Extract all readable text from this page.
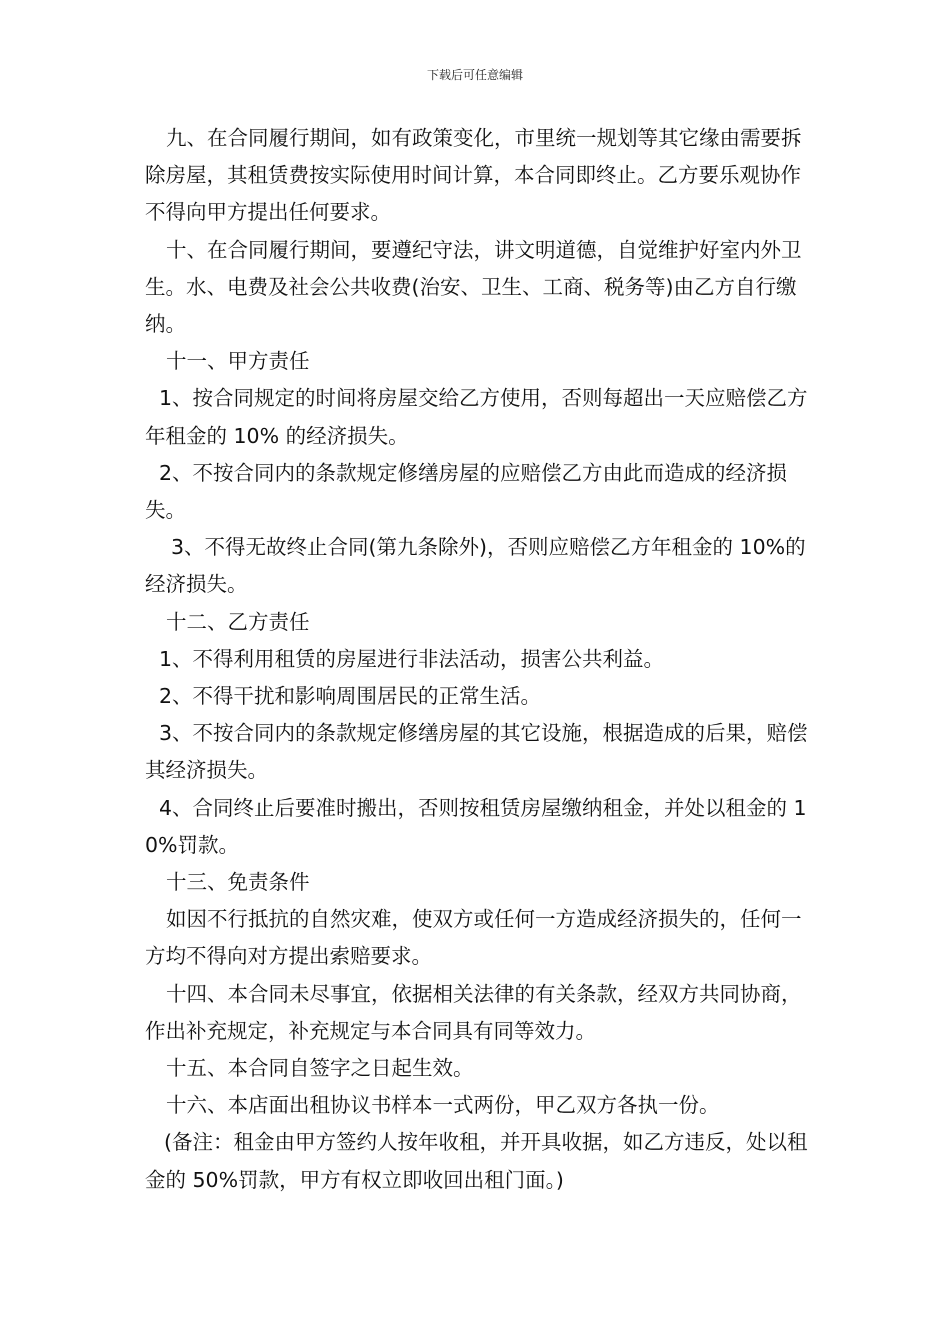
下载后可任意编辑

九、在合同履行期间，如有政策变化，市里统一规划等其它缘由需要拆除房屋，其租赁费按实际使用时间计算，本合同即终止。乙方要乐观协作不得向甲方提出任何要求。

十、在合同履行期间，要遵纪守法，讲文明道德，自觉维护好室内外卫生。水、电费及社会公共收费(治安、卫生、工商、税务等)由乙方自行缴纳。

十一、甲方责任

1、按合同规定的时间将房屋交给乙方使用，否则每超出一天应赔偿乙方年租金的 10% 的经济损失。

2、不按合同内的条款规定修缮房屋的应赔偿乙方由此而造成的经济损失。

3、不得无故终止合同(第九条除外)，否则应赔偿乙方年租金的 10%的经济损失。

十二、乙方责任

1、不得利用租赁的房屋进行非法活动，损害公共利益。

2、不得干扰和影响周围居民的正常生活。

3、不按合同内的条款规定修缮房屋的其它设施，根据造成的后果，赔偿其经济损失。

4、合同终止后要准时搬出，否则按租赁房屋缴纳租金，并处以租金的 10%罚款。

十三、免责条件

如因不行抵抗的自然灾难，使双方或任何一方造成经济损失的，任何一方均不得向对方提出索赔要求。

十四、本合同未尽事宜，依据相关法律的有关条款，经双方共同协商，作出补充规定，补充规定与本合同具有同等效力。

十五、本合同自签字之日起生效。

十六、本店面出租协议书样本一式两份，甲乙双方各执一份。

(备注：租金由甲方签约人按年收租，并开具收据，如乙方违反，处以租金的 50%罚款，甲方有权立即收回出租门面。)
